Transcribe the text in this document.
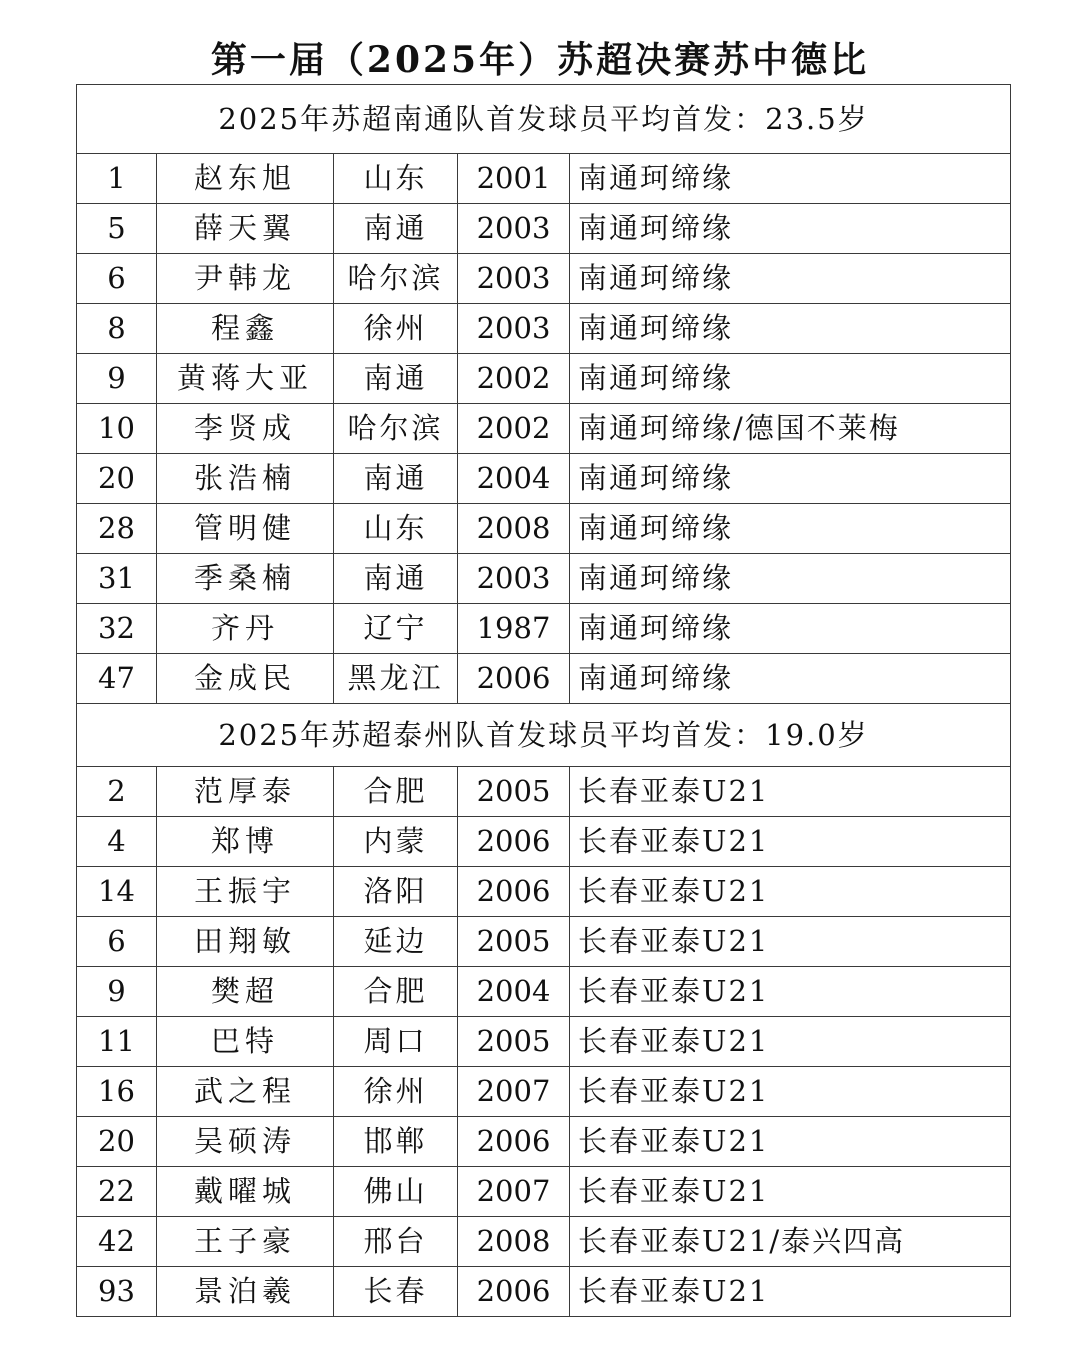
第一届（2025年）苏超决赛苏中德比
2025年苏超南通队首发球员平均首发：23.5岁				
1	赵东旭	山东	2001	南通珂缔缘
5	薛天翼	南通	2003	南通珂缔缘
6	尹韩龙	哈尔滨	2003	南通珂缔缘
8	程鑫	徐州	2003	南通珂缔缘
9	黄蒋大亚	南通	2002	南通珂缔缘
10	李贤成	哈尔滨	2002	南通珂缔缘/德国不莱梅
20	张浩楠	南通	2004	南通珂缔缘
28	管明健	山东	2008	南通珂缔缘
31	季桑楠	南通	2003	南通珂缔缘
32	齐丹	辽宁	1987	南通珂缔缘
47	金成民	黑龙江	2006	南通珂缔缘
2025年苏超泰州队首发球员平均首发：19.0岁				
2	范厚泰	合肥	2005	长春亚泰U21
4	郑博	内蒙	2006	长春亚泰U21
14	王振宇	洛阳	2006	长春亚泰U21
6	田翔敏	延边	2005	长春亚泰U21
9	樊超	合肥	2004	长春亚泰U21
11	巴特	周口	2005	长春亚泰U21
16	武之程	徐州	2007	长春亚泰U21
20	吴硕涛	邯郸	2006	长春亚泰U21
22	戴曜城	佛山	2007	长春亚泰U21
42	王子豪	邢台	2008	长春亚泰U21/泰兴四高
93	景泊羲	长春	2006	长春亚泰U21
